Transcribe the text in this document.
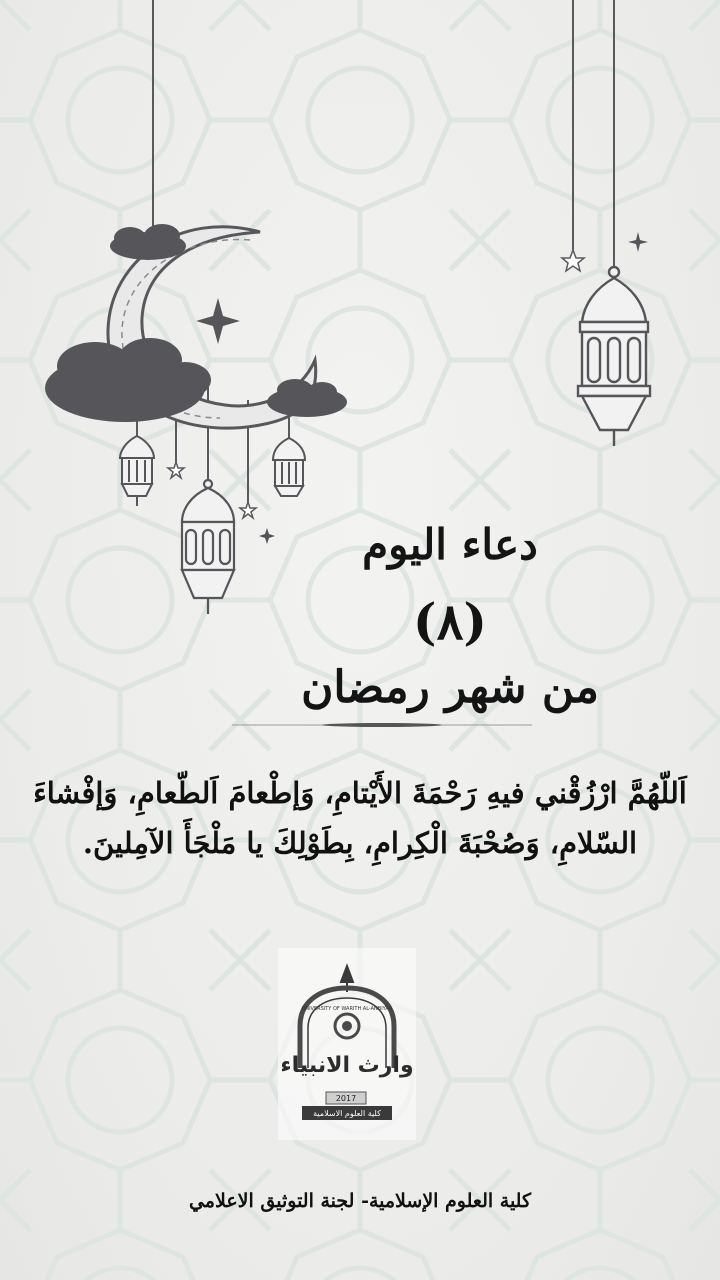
دعاء اليوم
(٨)
من شهر رمضان
اَللّهُمَّ ارْزُقْني فيهِ رَحْمَةَ الأَيْتامِ، وَإطْعامَ اَلطّعامِ، وَإفْشاءَ السّلامِ، وَصُحْبَةَ الْكِرامِ، بِطَوْلِكَ يا مَلْجَأَ الآمِلينَ.
UNIVERSITY OF WARITH AL-ANBIYAA
وارث الانبياء
2017
كلية العلوم الاسلامية
كلية العلوم الإسلامية- لجنة التوثيق الاعلامي
